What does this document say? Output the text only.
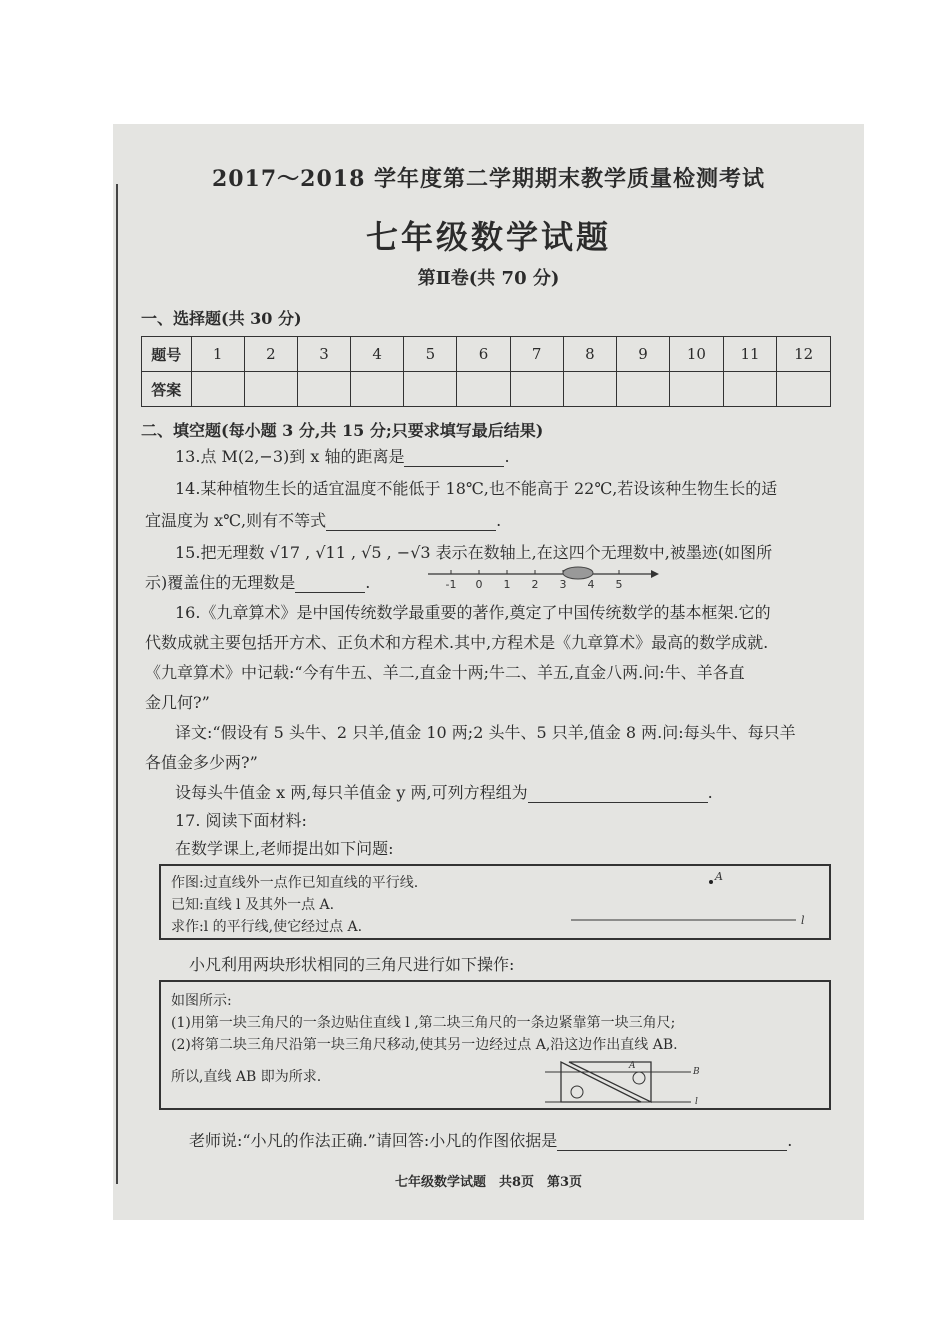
2017～2018 学年度第二学期期末教学质量检测考试
七年级数学试题
第Ⅱ卷(共 70 分)
一、选择题(共 30 分)
题号	1	2	3	4	5	6	7	8	9	10	11	12
答案												
二、填空题(每小题 3 分,共 15 分;只要求填写最后结果)
13.点 M(2,−3)到 x 轴的距离是	.
14.某种植物生长的适宜温度不能低于 18℃,也不能高于 22℃,若设该种生物生长的适
宜温度为 x℃,则有不等式	.
15.把无理数 √17 , √11 , √5 , −√3 表示在数轴上,在这四个无理数中,被墨迹(如图所
示)覆盖住的无理数是	.	-1 0 1 2 3 4 5
16.《九章算术》是中国传统数学最重要的著作,奠定了中国传统数学的基本框架.它的
代数成就主要包括开方术、正负术和方程术.其中,方程术是《九章算术》最高的数学成就.
《九章算术》中记载:“今有牛五、羊二,直金十两;牛二、羊五,直金八两.问:牛、羊各直
金几何?”
译文:“假设有 5 头牛、2 只羊,值金 10 两;2 头牛、5 只羊,值金 8 两.问:每头牛、每只羊
各值金多少两?”
设每头牛值金 x 两,每只羊值金 y 两,可列方程组为	.
17. 阅读下面材料:
在数学课上,老师提出如下问题:
作图:过直线外一点作已知直线的平行线.
已知:直线 l 及其外一点 A.
求作:l 的平行线,使它经过点 A.
A
l
小凡利用两块形状相同的三角尺进行如下操作:
如图所示:
(1)用第一块三角尺的一条边贴住直线 l ,第二块三角尺的一条边紧靠第一块三角尺;
(2)将第二块三角尺沿第一块三角尺移动,使其另一边经过点 A,沿这边作出直线 AB.
所以,直线 AB 即为所求.
A
B
l
老师说:“小凡的作法正确.”请回答:小凡的作图依据是	.
七年级数学试题　共8页　第3页
